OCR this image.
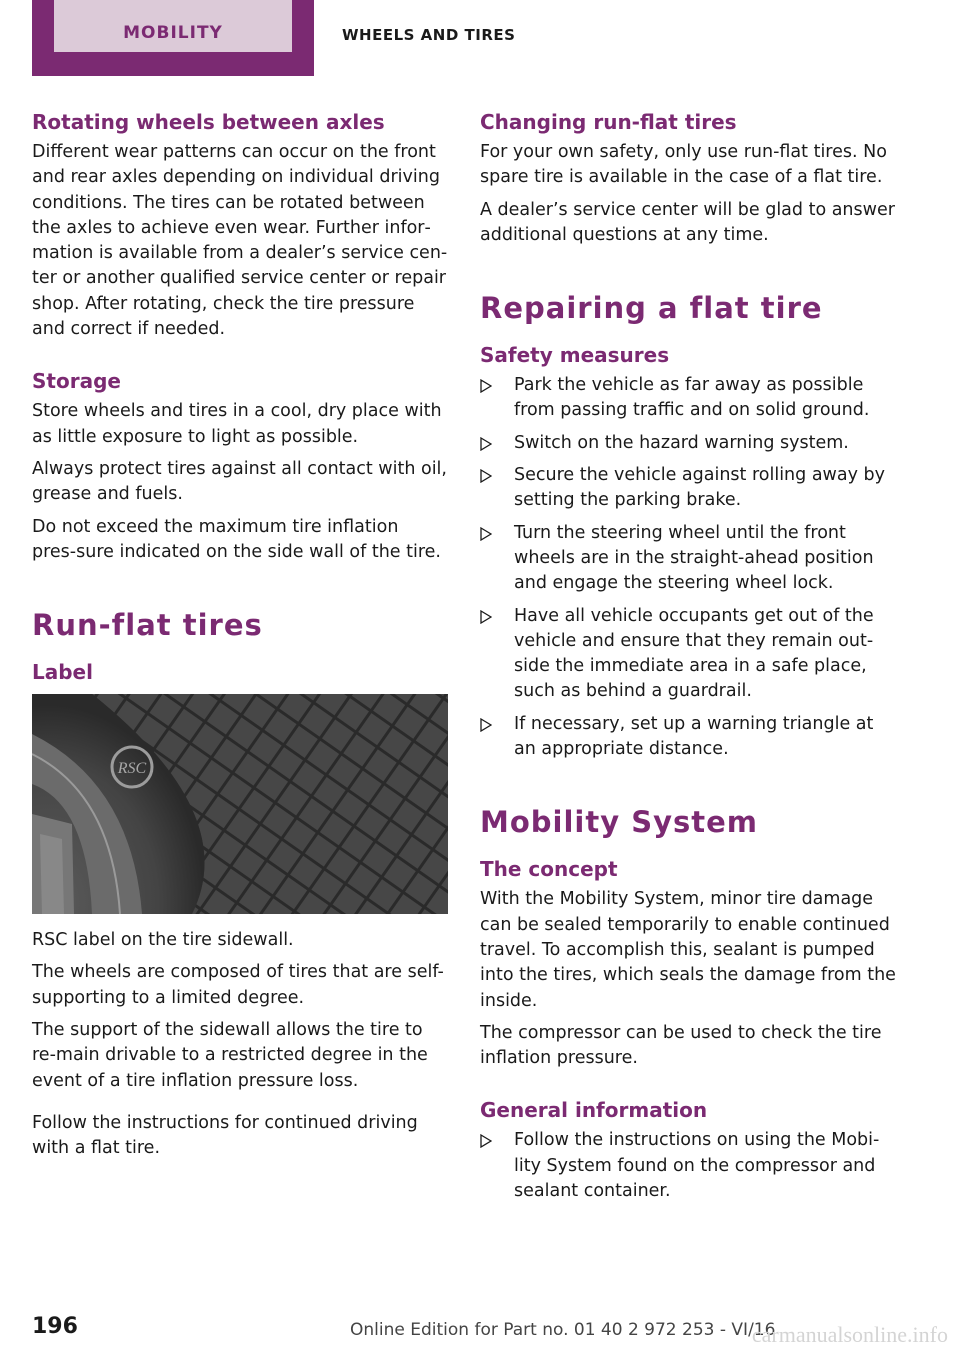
MOBILITY	WHEELS AND TIRES
Rotating wheels between axles

Different wear patterns can occur on the front and rear axles depending on individual driving conditions. The tires can be rotated between the axles to achieve even wear. Further infor‐mation is available from a dealer’s service cen‐ter or another qualified service center or repair shop. After rotating, check the tire pressure and correct if needed.

Storage

Store wheels and tires in a cool, dry place with as little exposure to light as possible.

Always protect tires against all contact with oil, grease and fuels.

Do not exceed the maximum tire inflation pres‐sure indicated on the side wall of the tire.

Run-flat tires
Label
RSC

RSC label on the tire sidewall.

The wheels are composed of tires that are self-supporting to a limited degree.

The support of the sidewall allows the tire to re‐main drivable to a restricted degree in the event of a tire inflation pressure loss.

Follow the instructions for continued driving with a flat tire.

Changing run-flat tires

For your own safety, only use run-flat tires. No spare tire is available in the case of a flat tire.

A dealer’s service center will be glad to answer additional questions at any time.

Repairing a flat tire
Safety measures
Park the vehicle as far away as possible from passing traffic and on solid ground.
Switch on the hazard warning system.
Secure the vehicle against rolling away by setting the parking brake.
Turn the steering wheel until the front wheels are in the straight-ahead position and engage the steering wheel lock.
Have all vehicle occupants get out of the vehicle and ensure that they remain out‐side the immediate area in a safe place, such as behind a guardrail.
If necessary, set up a warning triangle at an appropriate distance.
Mobility System
The concept

With the Mobility System, minor tire damage can be sealed temporarily to enable continued travel. To accomplish this, sealant is pumped into the tires, which seals the damage from the inside.

The compressor can be used to check the tire inflation pressure.

General information
Follow the instructions on using the Mobi‐lity System found on the compressor and sealant container.
196	Online Edition for Part no. 01 40 2 972 253 - VI/16
carmanualsonline.info
